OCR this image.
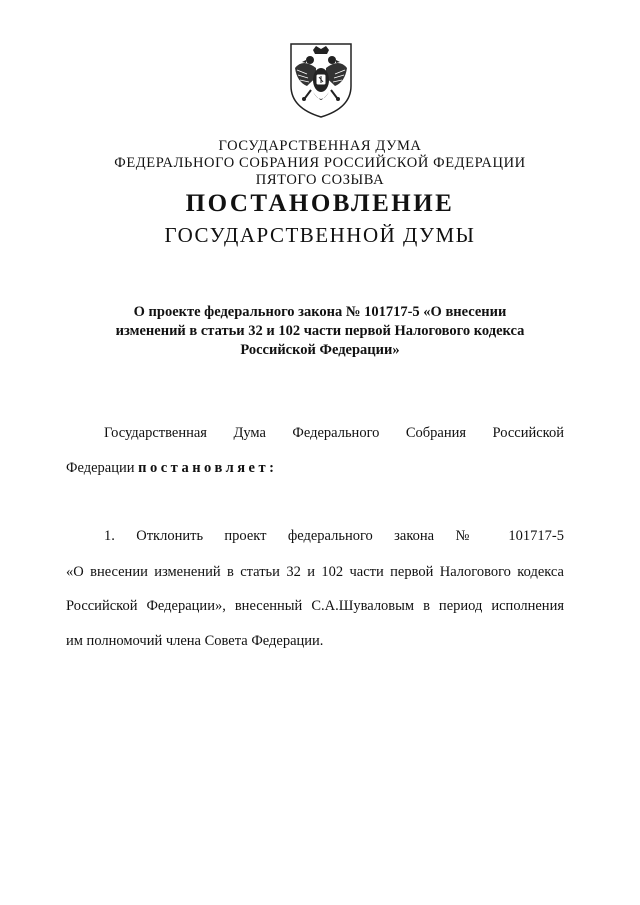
ГОСУДАРСТВЕННАЯ ДУМА
ФЕДЕРАЛЬНОГО СОБРАНИЯ РОССИЙСКОЙ ФЕДЕРАЦИИ
ПЯТОГО СОЗЫВА
ПОСТАНОВЛЕНИЕ
ГОСУДАРСТВЕННОЙ ДУМЫ
О проекте федерального закона № 101717-5 «О внесении
изменений в статьи 32 и 102 части первой Налогового кодекса
Российской Федерации»
Государственная Дума Федерального Собрания Российской
Федерации постановляет:
1. Отклонить проект федерального закона № 101717-5
«О внесении изменений в статьи 32 и 102 части первой Налогового кодекса
Российской Федерации», внесенный С.А.Шуваловым в период исполнения
им полномочий члена Совета Федерации.
